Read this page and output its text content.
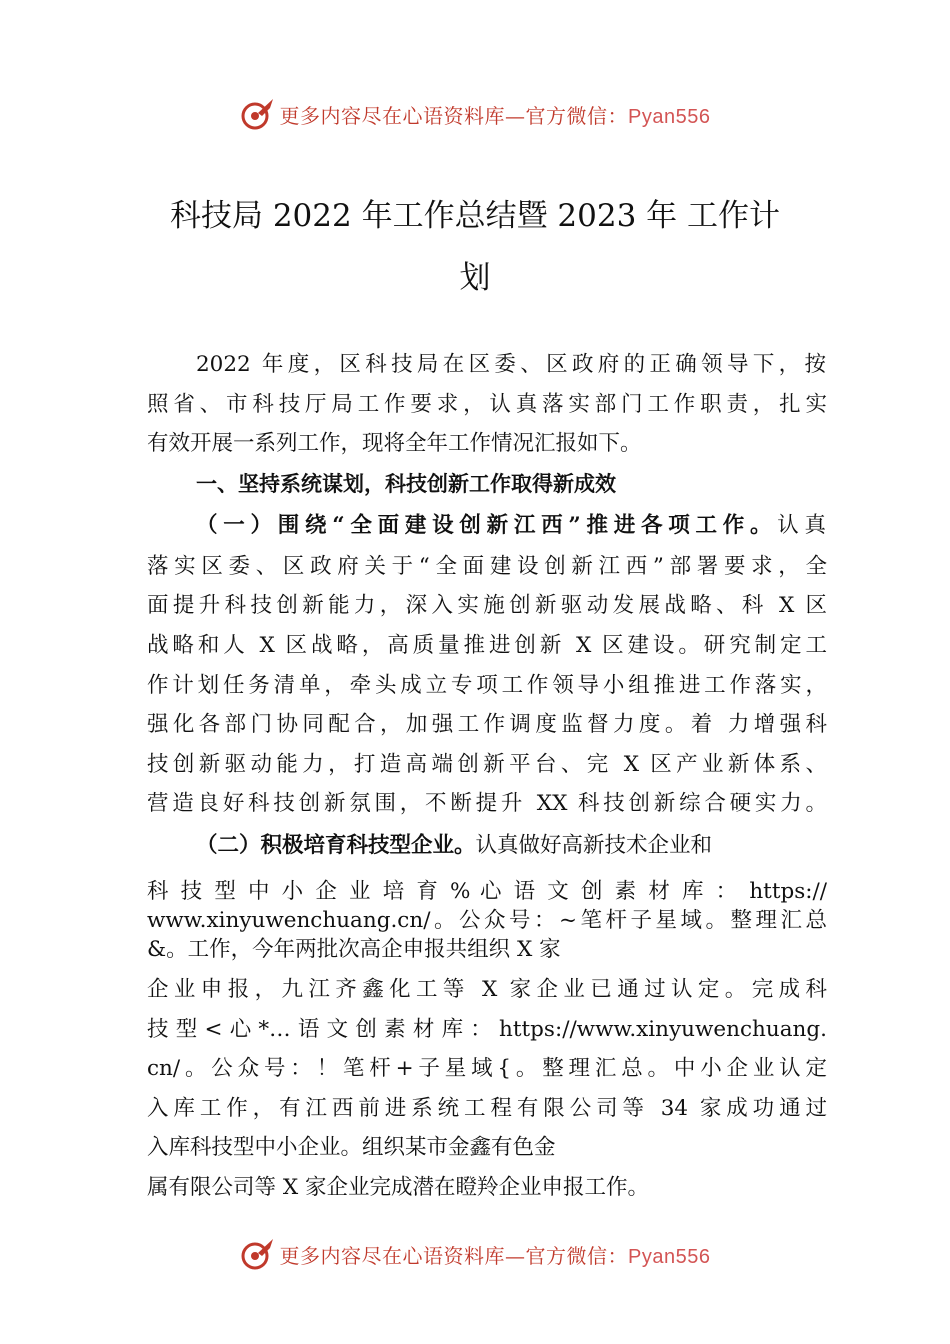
更多内容尽在心语资料库—官方微信：Pyan556
科技局 2022 年工作总结暨 2023 年 工作计
划
2022 年度，区科技局在区委、区政府的正确领导下，按
照省、市科技厅局工作要求，认真落实部门工作职责，扎实
有效开展一系列工作，现将全年工作情况汇报如下。
一、坚持系统谋划，科技创新工作取得新成效
（一）围绕“全面建设创新江西”推进各项工作。认真
落实区委、区政府关于“全面建设创新江西”部署要求，全
面提升科技创新能力，深入实施创新驱动发展战略、科 X 区
战略和人 X 区战略，高质量推进创新 X 区建设。研究制定工
作计划任务清单，牵头成立专项工作领导小组推进工作落实，
强化各部门协同配合，加强工作调度监督力度。着 力增强科
技创新驱动能力，打造高端创新平台、完 X 区产业新体系、
营造良好科技创新氛围，不断提升 XX 科技创新综合硬实力。
（二）积极培育科技型企业。认真做好高新技术企业和
科 技 型 中 小 企 业 培 育 % 心 语 文 创 素 材 库 ： https://
www.xinyuwenchuang.cn/。公众号：~笔杆子星域。整理汇总
&。工作，今年两批次高企申报共组织 X 家
企业申报，九江齐鑫化工等 X 家企业已通过认定。完成科
技型<心*…语文创素材库：https://www.xinyuwenchuang.
cn/。公众号：！笔杆+子星域{。整理汇总。中小企业认定
入库工作，有江西前进系统工程有限公司等 34 家成功通过
入库科技型中小企业。组织某市金鑫有色金
属有限公司等 X 家企业完成潜在瞪羚企业申报工作。
更多内容尽在心语资料库—官方微信：Pyan556
